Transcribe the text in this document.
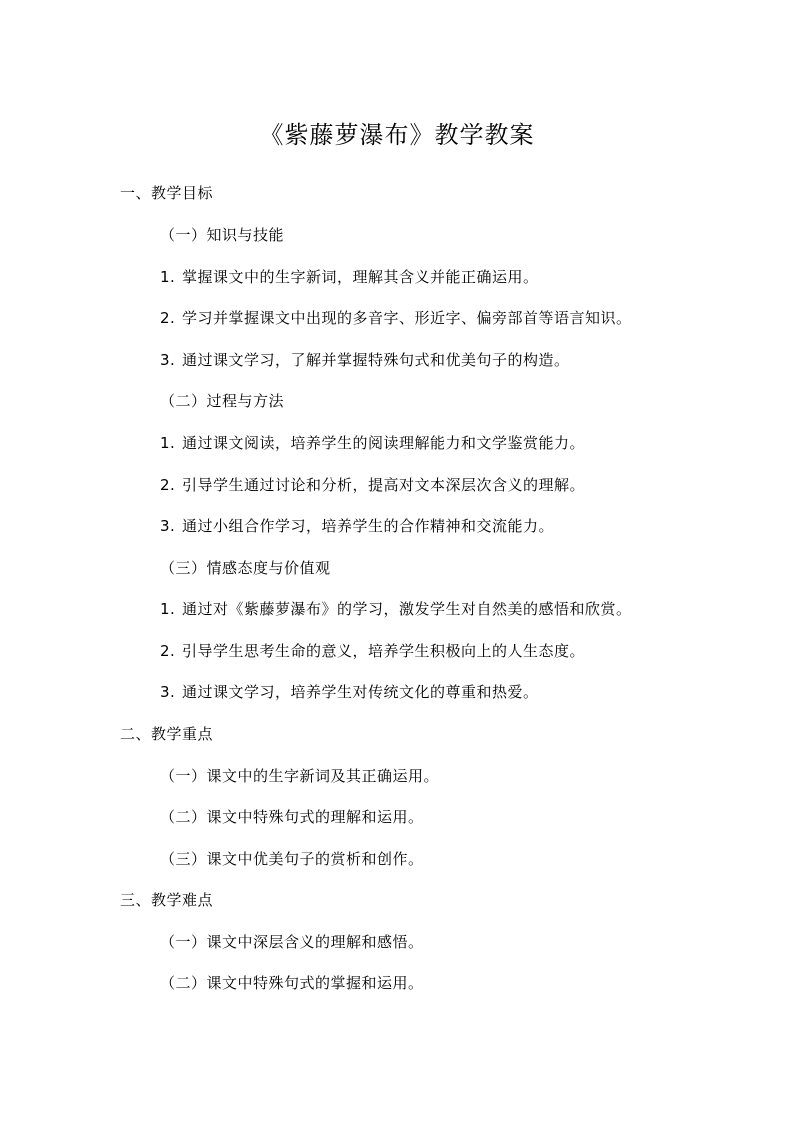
《紫藤萝瀑布》教学教案
一、教学目标
（一）知识与技能
1. 掌握课文中的生字新词，理解其含义并能正确运用。
2. 学习并掌握课文中出现的多音字、形近字、偏旁部首等语言知识。
3. 通过课文学习，了解并掌握特殊句式和优美句子的构造。
（二）过程与方法
1. 通过课文阅读，培养学生的阅读理解能力和文学鉴赏能力。
2. 引导学生通过讨论和分析，提高对文本深层次含义的理解。
3. 通过小组合作学习，培养学生的合作精神和交流能力。
（三）情感态度与价值观
1. 通过对《紫藤萝瀑布》的学习，激发学生对自然美的感悟和欣赏。
2. 引导学生思考生命的意义，培养学生积极向上的人生态度。
3. 通过课文学习，培养学生对传统文化的尊重和热爱。
二、教学重点
（一）课文中的生字新词及其正确运用。
（二）课文中特殊句式的理解和运用。
（三）课文中优美句子的赏析和创作。
三、教学难点
（一）课文中深层含义的理解和感悟。
（二）课文中特殊句式的掌握和运用。
